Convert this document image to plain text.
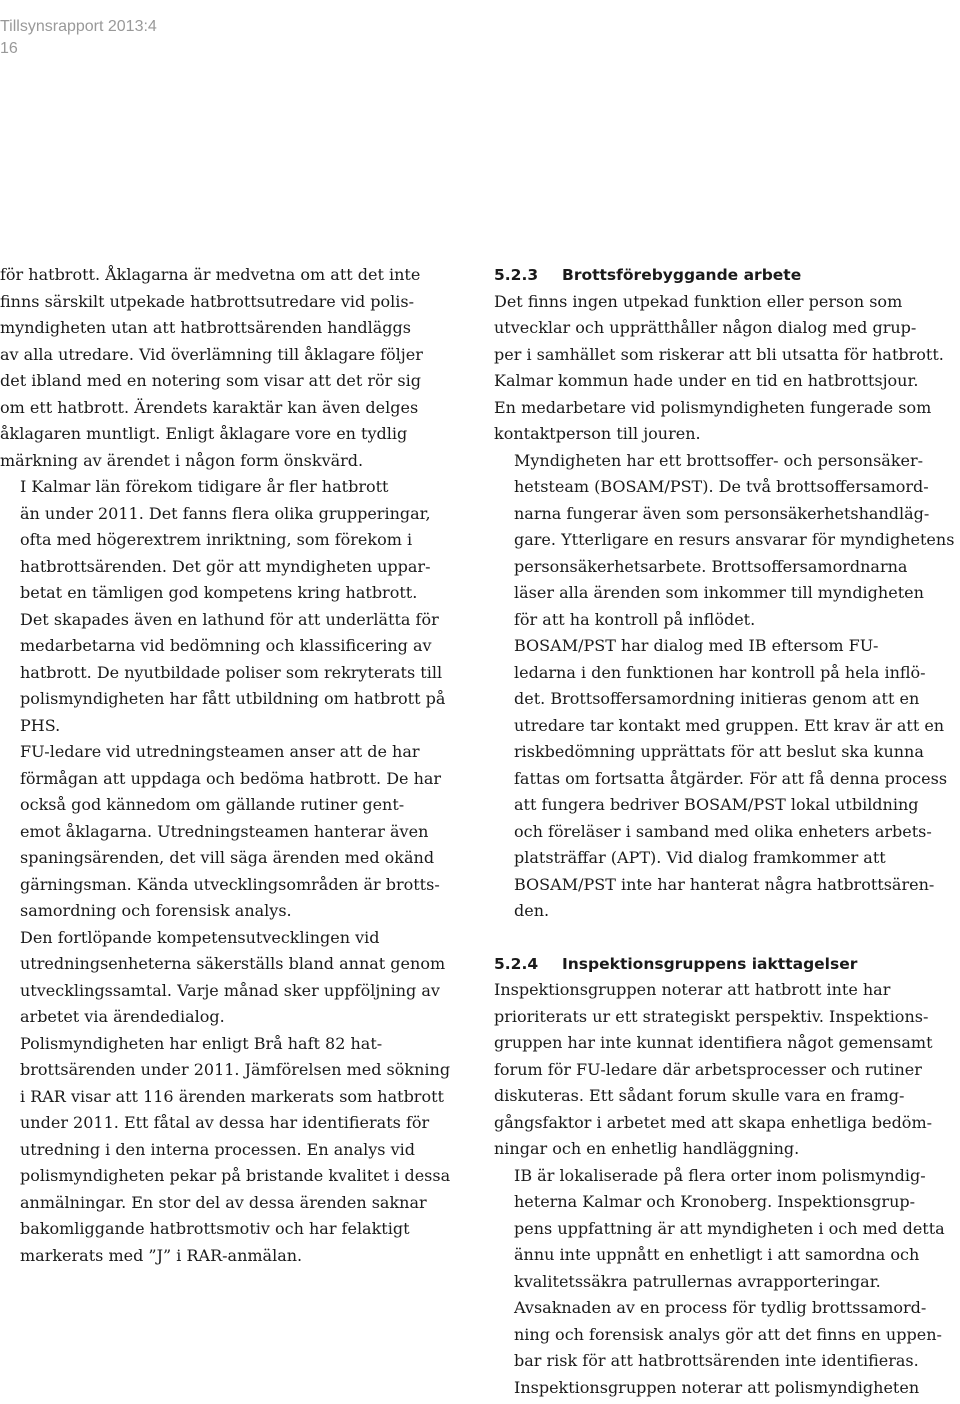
Tillsynsrapport 2013:4
16

för hatbrott. Åklagarna är medvetna om att det inte
finns särskilt utpekade hatbrottsutredare vid polis-
myndigheten utan att hatbrottsärenden handläggs
av alla utredare. Vid överlämning till åklagare följer
det ibland med en notering som visar att det rör sig
om ett hatbrott. Ärendets karaktär kan även delges
åklagaren muntligt. Enligt åklagare vore en tydlig
märkning av ärendet i någon form önskvärd.

I Kalmar län förekom tidigare år fler hatbrott
än under 2011. Det fanns flera olika grupperingar,
ofta med högerextrem inriktning, som förekom i
hatbrottsärenden. Det gör att myndigheten uppar-
betat en tämligen god kompetens kring hatbrott.
Det skapades även en lathund för att underlätta för
medarbetarna vid bedömning och klassificering av
hatbrott. De nyutbildade poliser som rekryterats till
polismyndigheten har fått utbildning om hatbrott på
PHS.

FU-ledare vid utredningsteamen anser att de har
förmågan att uppdaga och bedöma hatbrott. De har
också god kännedom om gällande rutiner gent-
emot åklagarna. Utredningsteamen hanterar även
spaningsärenden, det vill säga ärenden med okänd
gärningsman. Kända utvecklingsområden är brotts-
samordning och forensisk analys.

Den fortlöpande kompetensutvecklingen vid
utredningsenheterna säkerställs bland annat genom
utvecklingssamtal. Varje månad sker uppföljning av
arbetet via ärendedialog.

Polismyndigheten har enligt Brå haft 82 hat-
brottsärenden under 2011. Jämförelsen med sökning
i RAR visar att 116 ärenden markerats som hatbrott
under 2011. Ett fåtal av dessa har identifierats för
utredning i den interna processen. En analys vid
polismyndigheten pekar på bristande kvalitet i dessa
anmälningar. En stor del av dessa ärenden saknar
bakomliggande hatbrottsmotiv och har felaktigt
markerats med ”J” i RAR-anmälan.

5.2.3 Brottsförebyggande arbete

Det finns ingen utpekad funktion eller person som
utvecklar och upprätthåller någon dialog med grup-
per i samhället som riskerar att bli utsatta för hatbrott.
Kalmar kommun hade under en tid en hatbrottsjour.
En medarbetare vid polismyndigheten fungerade som
kontaktperson till jouren.

Myndigheten har ett brottsoffer- och personsäker-
hetsteam (BOSAM/PST). De två brottsoffersamord-
narna fungerar även som personsäkerhetshandläg-
gare. Ytterligare en resurs ansvarar för myndighetens
personsäkerhetsarbete. Brottsoffersamordnarna
läser alla ärenden som inkommer till myndigheten
för att ha kontroll på inflödet.

BOSAM/PST har dialog med IB eftersom FU-
ledarna i den funktionen har kontroll på hela inflö-
det. Brottsoffersamordning initieras genom att en
utredare tar kontakt med gruppen. Ett krav är att en
riskbedömning upprättats för att beslut ska kunna
fattas om fortsatta åtgärder. För att få denna process
att fungera bedriver BOSAM/PST lokal utbildning
och föreläser i samband med olika enheters arbets-
platsträffar (APT). Vid dialog framkommer att
BOSAM/PST inte har hanterat några hatbrottsären-
den.

5.2.4 Inspektionsgruppens iakttagelser

Inspektionsgruppen noterar att hatbrott inte har
prioriterats ur ett strategiskt perspektiv. Inspektions-
gruppen har inte kunnat identifiera något gemensamt
forum för FU-ledare där arbetsprocesser och rutiner
diskuteras. Ett sådant forum skulle vara en framg-
gångsfaktor i arbetet med att skapa enhetliga bedöm-
ningar och en enhetlig handläggning.

IB är lokaliserade på flera orter inom polismyndig-
heterna Kalmar och Kronoberg. Inspektionsgrup-
pens uppfattning är att myndigheten i och med detta
ännu inte uppnått en enhetligt i att samordna och
kvalitetssäkra patrullernas avrapporteringar.

Avsaknaden av en process för tydlig brottssamord-
ning och forensisk analys gör att det finns en uppen-
bar risk för att hatbrottsärenden inte identifieras.

Inspektionsgruppen noterar att polismyndigheten
